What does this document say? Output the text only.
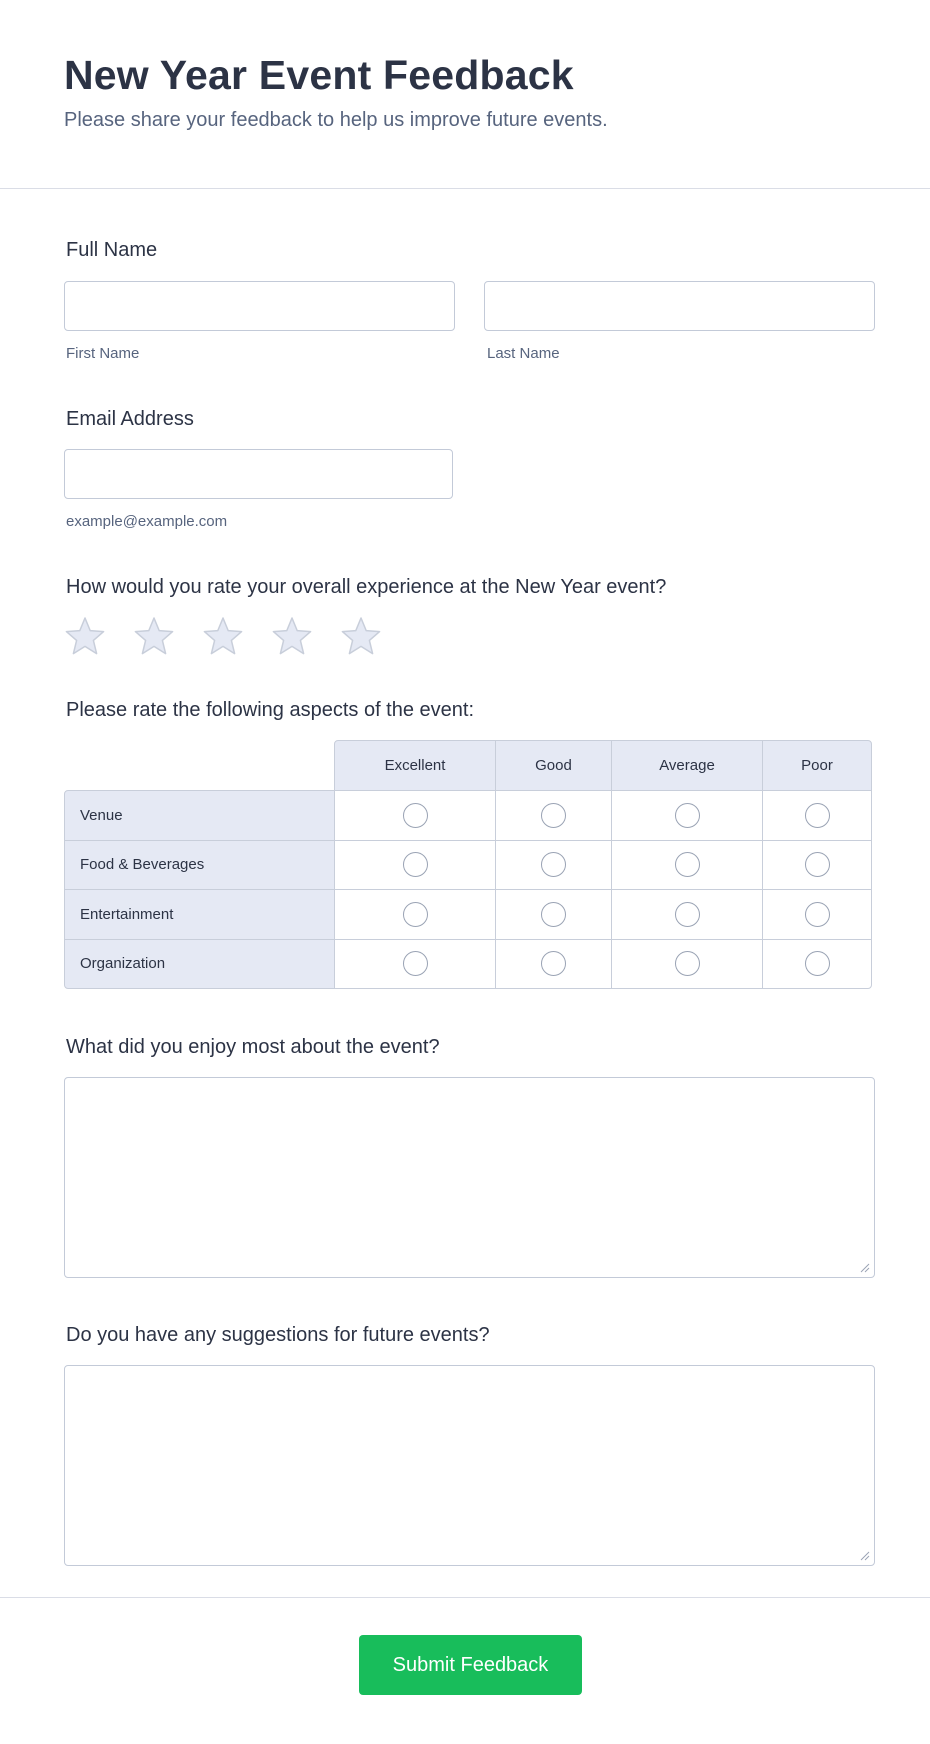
New Year Event Feedback

Please share your feedback to help us improve future events.

Full Name
First Name	Last Name
Email Address
example@example.com
How would you rate your overall experience at the New Year event?
Please rate the following aspects of the event:
Excellent	Good	Average	Poor
Venue
Food & Beverages
Entertainment
Organization
What did you enjoy most about the event?
Do you have any suggestions for future events?
Submit Feedback
